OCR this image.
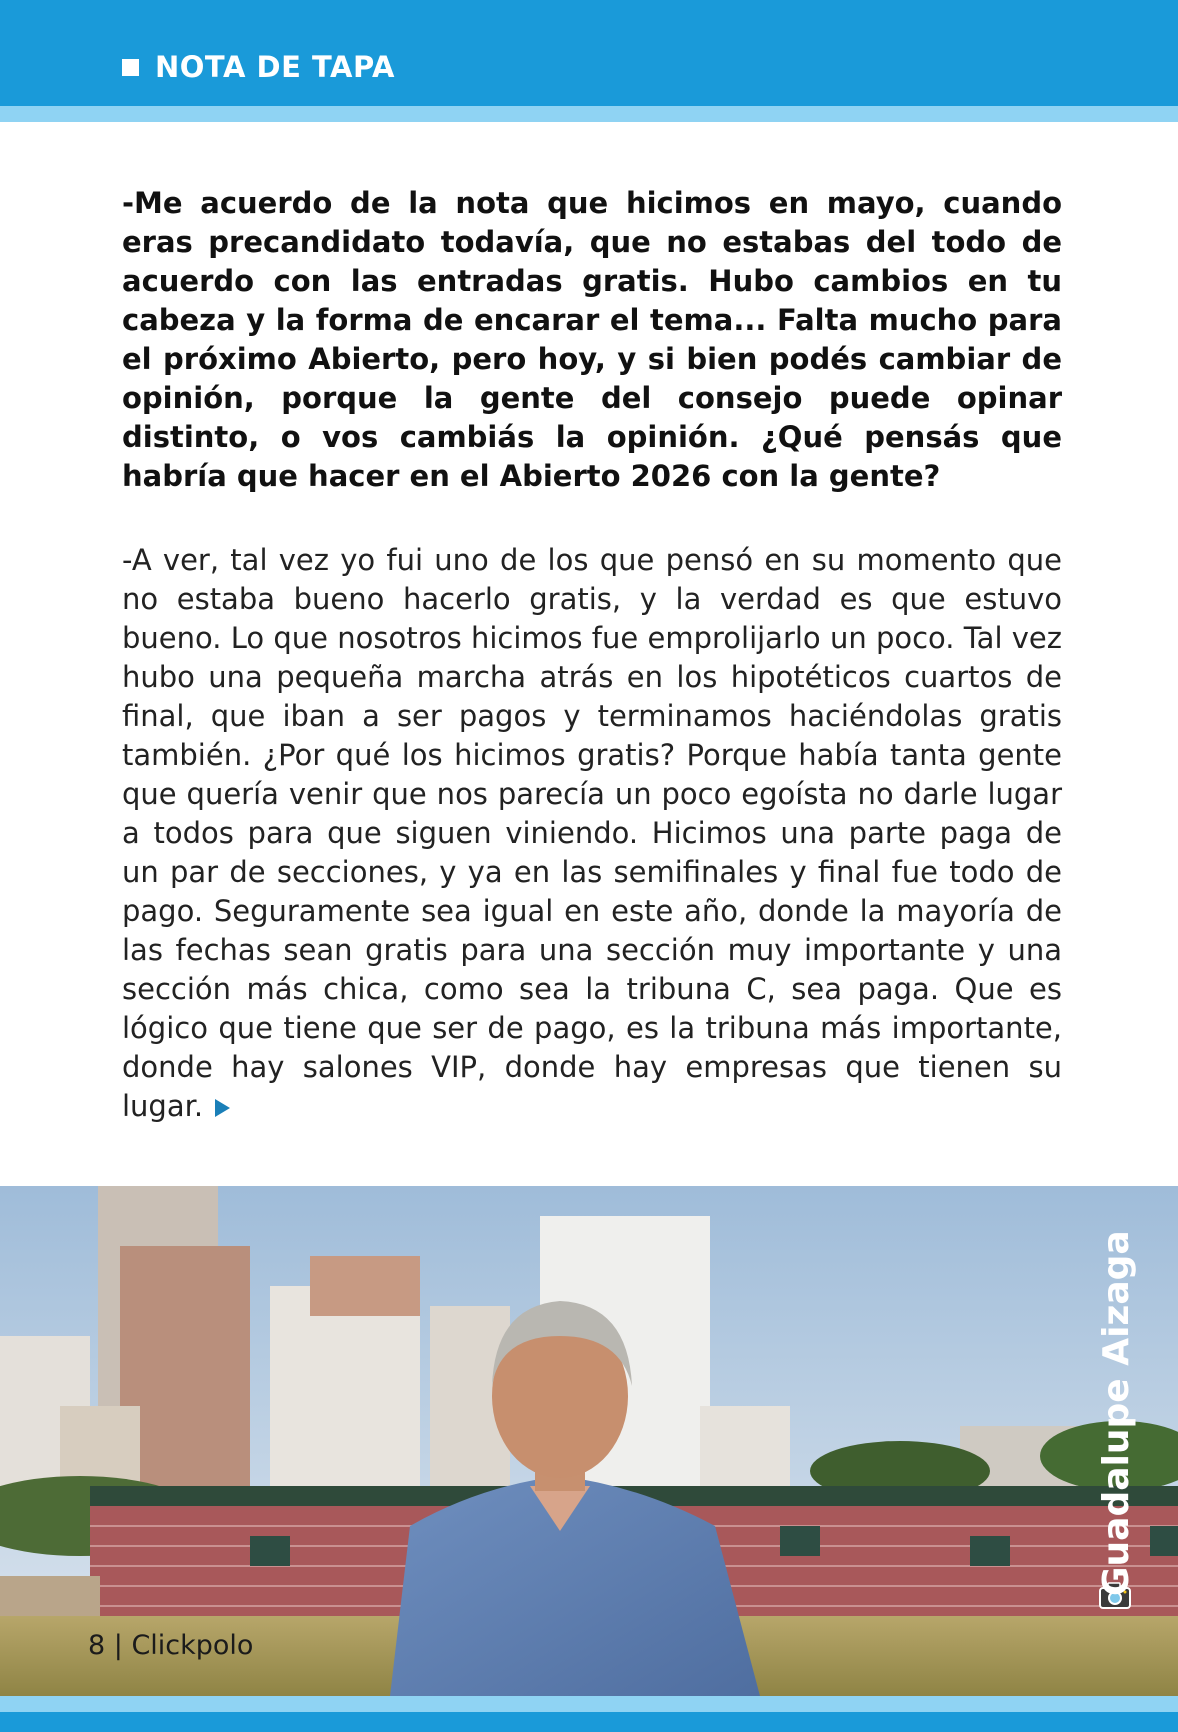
NOTA DE TAPA

-Me acuerdo de la nota que hicimos en mayo, cuando eras precandidato todavía, que no estabas del todo de acuerdo con las entradas gratis. Hubo cambios en tu cabeza y la forma de encarar el tema... Falta mucho para el próximo Abierto, pero hoy, y si bien podés cambiar de opinión, porque la gente del consejo puede opinar distinto, o vos cambiás la opinión. ¿Qué pensás que habría que hacer en el Abierto 2026 con la gente?

-A ver, tal vez yo fui uno de los que pensó en su momento que no estaba bueno hacerlo gratis, y la verdad es que estuvo bueno. Lo que nosotros hicimos fue emprolijarlo un poco. Tal vez hubo una pequeña marcha atrás en los hipotéticos cuartos de final, que iban a ser pagos y terminamos haciéndolas gratis también. ¿Por qué los hicimos gratis? Porque había tanta gente que quería venir que nos parecía un poco egoísta no darle lugar a todos para que siguen viniendo. Hicimos una parte paga de un par de secciones, y ya en las semifinales y final fue todo de pago. Seguramente sea igual en este año, donde la mayoría de las fechas sean gratis para una sección muy importante y una sección más chica, como sea la tribuna C, sea paga. Que es lógico que tiene que ser de pago, es la tribuna más importante, donde hay salones VIP, donde hay empresas que tienen su lugar.

Guadalupe Aizaga
8 | Clickpolo
